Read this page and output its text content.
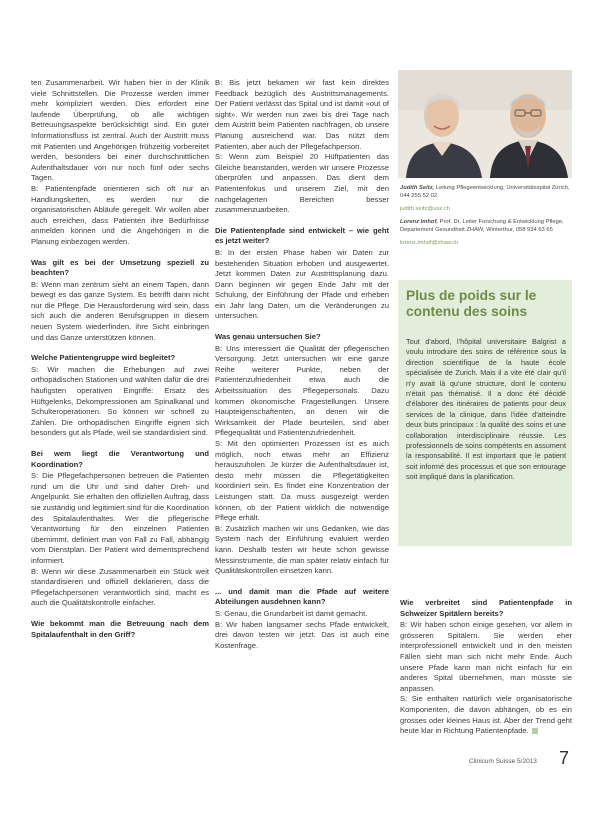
ten Zusammenarbeit. Wir haben hier in der Klinik viele Schnittstellen. Die Prozesse werden immer mehr kompliziert werden. Dies erfordert eine laufende Überprüfung, ob alle wichtigen Betreuungsaspekte berücksichtigt sind. Ein guter Informationsfluss ist zentral. Auch der Austritt muss mit Patienten und Angehörigen frühzeitig vorbereitet werden, besonders bei einer durchschnittlichen Aufenthaltsdauer von nur noch fünf oder sechs Tagen.

B: Patientenpfade orientieren sich oft nur an Handlungsketten, es werden nur die organisatorischen Abläufe geregelt. Wir wollen aber auch erreichen, dass Patienten ihre Bedürfnisse anmelden können und die Angehörigen in die Planung einbezogen werden.

Was gilt es bei der Umsetzung speziell zu beachten?

B: Wenn man zentrum sieht an einem Tapen, dann bewegt es das ganze System. Es betrifft dann nicht nur die Pflege. Die Herausforderung wird sein, dass sich auch die anderen Berufsgruppen in diesem neuen System wiederfinden, ihre Sicht einbringen und das Ganze unterstützen können.

Welche Patientengruppe wird begleitet?

S: Wir machen die Erhebungen auf zwei orthopädischen Stationen und wählten dafür die drei häufigsten operativen Eingriffe: Ersatz des Hüftgelenks, Dekompressionen am Spinalkanal und Schulteroperationen. So können wir schnell zu Zahlen. Die orthopädischen Eingriffe eignen sich besonders gut als Pfade, weil sie standardisiert sind.

Bei wem liegt die Verantwortung und Koordination?

S: Die Pflegefachpersonen betreuen die Patienten rund um die Uhr und sind daher Dreh- und Angelpunkt. Sie erhalten den offiziellen Auftrag, dass sie zuständig und legitimiert sind für die Koordination des Spitalaufenthaltes. Wer die pflegerische Verantwortung für den einzelnen Patienten übernimmt, definiert man von Fall zu Fall, abhängig vom Dienstplan. Der Patient wird dementsprechend informiert.

B: Wenn wir diese Zusammenarbeit ein Stück weit standardisieren und offiziell deklarieren, dass die Pflegefachpersonen verantwortlich sind, macht es auch die Qualitätskontrolle einfacher.

Wie bekommt man die Betreuung nach dem Spitalaufenthalt in den Griff?

B: Bis jetzt bekamen wir fast kein direktes Feedback bezüglich des Austrittsmanagements. Der Patient verlässt das Spital und ist damit «out of sight». Wir werden nun zwei bis drei Tage nach dem Austritt beim Patienten nachfragen, ob unsere Planung ausreichend war. Das nützt dem Patienten, aber auch der Pflegefachperson.

S: Wenn zum Beispiel 20 Hüftpatienten das Gleiche beanstanden, werden wir unsere Prozesse überprüfen und anpassen. Das dient dem Patientenfokus und unserem Ziel, mit den nachgelagerten Bereichen besser zusammenzuarbeiten.

Die Patientenpfade sind entwickelt – wie geht es jetzt weiter?

B: In der ersten Phase haben wir Daten zur bestehenden Situation erhoben und ausgewertet. Jetzt kommen Daten zur Austrittsplanung dazu. Dann beginnen wir gegen Ende Jahr mit der Schulung, der Einführung der Pfade und erheben ein Jahr lang Daten, um die Veränderungen zu untersuchen.

Was genau untersuchen Sie?

B: Uns interessiert die Qualität der pflegerischen Versorgung. Jetzt untersuchen wir eine ganze Reihe weiterer Punkte, neben der Patientenzufriedenheit etwa auch die Arbeitssituation des Pflegepersonals. Dazu kommen ökonomische Fragestellungen. Unsere Haupteigenschaftenten, an denen wir die Wirksamkeit der Pfade beurteilen, sind aber Pflegequalität und Patientenzufriedenheit.

S: Mit den optimierten Prozessen ist es auch möglich, noch etwas mehr an Effizienz herauszuholen. Je kürzer die Aufenthaltsdauer ist, desto mehr müssen die Pflegetätigkeiten koordiniert sein. Es findet eine Konzentration der Leistungen statt. Da muss ausgezeigt werden können, ob der Patient wirklich die notwendige Pflege erhält.

B: Zusätzlich machen wir uns Gedanken, wie das System nach der Einführung evaluiert werden kann. Deshalb testen wir heute schon gewisse Messinstrumente, die man später relativ einfach für Qualitätskontrollen einsetzen kann.

... und damit man die Pfade auf weitere Abteilungen ausdehnen kann?

S: Genau, die Grundarbeit ist damit gemacht.

B: Wir haben langsamer sechs Pfade entwickelt, drei davon testen wir jetzt. Das ist auch eine Kostenfrage.

Judith Seitz, Leitung Pflegeentwicklung, Universitätsspital Zürich, 044 255 52 02

judith.seitz@usz.ch

Lorenz Imhof, Prof. Dr. Leiter Forschung & Entwicklung Pflege, Departement Gesundheit ZHAW, Winterthur, 058 934 63 65

lorenz.imhof@zhaw.ch

Plus de poids sur le contenu des soins

Tout d'abord, l'hôpital universitaire Balgrist a voulu introduire des soins de référence sous la direction scientifique de la haute école spécialisée de Zurich. Mais il a vite été clair qu'il n'y avait là qu'une structure, dont le contenu n'était pas thématisé. Il a donc été décidé d'élaborer des itinéraires de patients pour deux services de la clinique, dans l'idée d'atteindre deux buts principaux : la qualité des soins et une collaboration interdisciplinaire réussie. Les professionnels de soins compétents en assument la responsabilité. Il est important que le patient soit informé des processus et que son entourage soit impliqué dans la planification.

Wie verbreitet sind Patientenpfade in Schweizer Spitälern bereits?

B: Wir haben schon einige gesehen, vor allem in grösseren Spitälern. Sie werden eher interprofessionell entwickelt und in den meisten Fällen sieht man sich nicht mehr Ende. Auch unsere Pfade kann man nicht einfach für ein anderes Spital übernehmen, man müsste sie anpassen.

S: Sie enthalten natürlich viele organisatorische Komponenten, die davon abhängen, ob es ein grosses oder kleines Haus ist. Aber der Trend geht heute klar in Richtung Patientenpfade.

Clinicum Suisse 5/2013 7
